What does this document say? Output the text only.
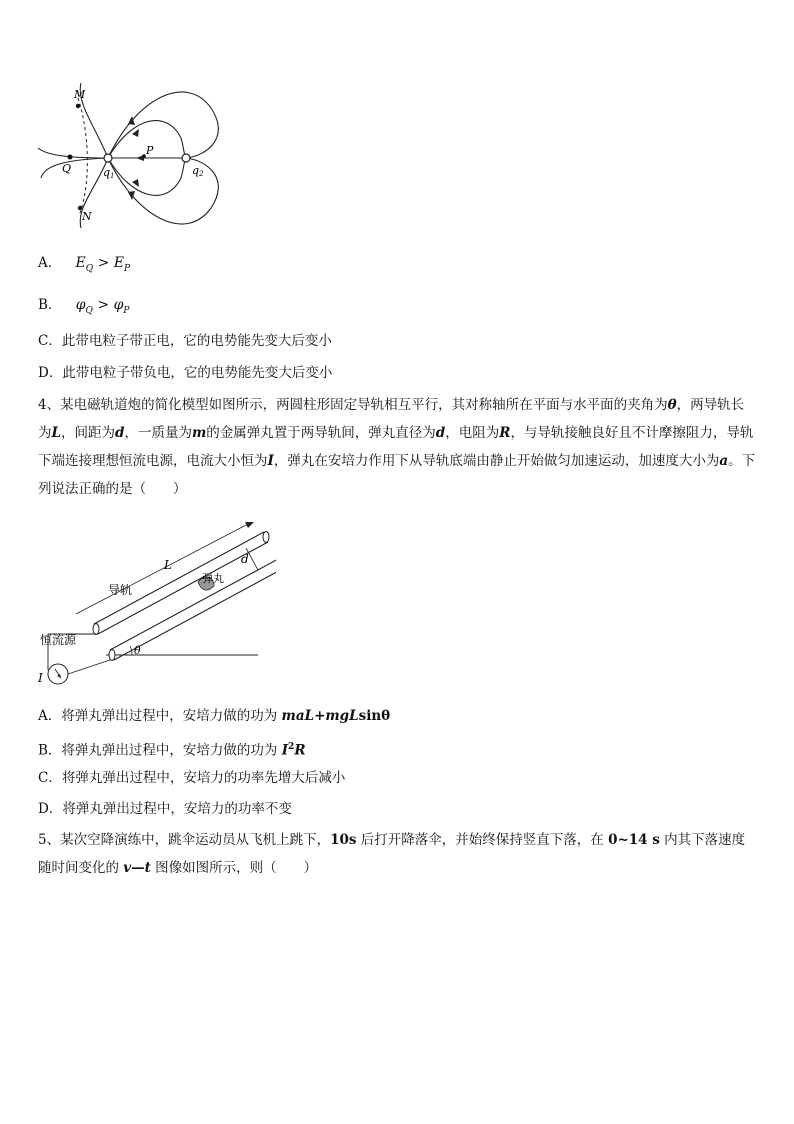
M
Q
P
q1	q2
N
A． $E_Q > E_P$
B． $\varphi_Q > \varphi_P$
C．此带电粒子带正电，它的电势能先变大后变小
D．此带电粒子带负电，它的电势能先变大后变小
4、某电磁轨道炮的简化模型如图所示，两圆柱形固定导轨相互平行，其对称轴所在平面与水平面的夹角为θ，两导轨长为L，间距为d，一质量为m的金属弹丸置于两导轨间，弹丸直径为d，电阻为R，与导轨接触良好且不计摩擦阻力，导轨下端连接理想恒流电源，电流大小恒为I，弹丸在安培力作用下从导轨底端由静止开始做匀加速运动，加速度大小为a。下列说法正确的是（　　）
L	d
导轨
弹丸
恒流源
θ
I
A．将弹丸弹出过程中，安培力做的功为 maL+mgLsinθ
B．将弹丸弹出过程中，安培力做的功为 $I^2R$
C．将弹丸弹出过程中，安培力的功率先增大后减小
D．将弹丸弹出过程中，安培力的功率不变
5、某次空降演练中，跳伞运动员从飞机上跳下，10s 后打开降落伞，并始终保持竖直下落，在 0~14 s 内其下落速度随时间变化的 v—t 图像如图所示，则（　　）
